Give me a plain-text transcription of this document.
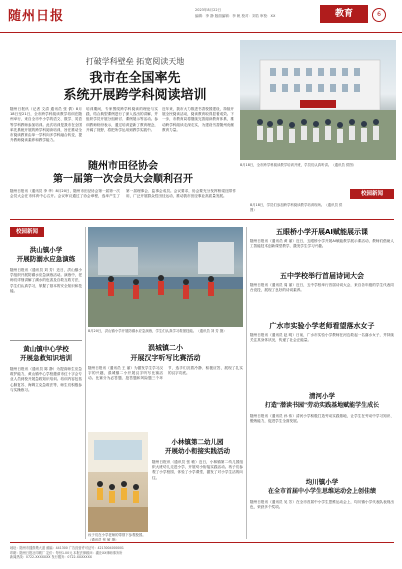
随州日报	2023年8月22日
编辑：李 静 版面编辑：李 帆 校对：刘若 审校：XX	教育	6
打破学科壁垒 拓宽阅读天地
我市在全国率先
系统开展跨学科阅读培训
随州日报讯（记者 文清 通讯员 张 倩）8月18日至21日，全市跨学科阅读教学培训在随州举行，来自全市中小学的语文、数学、英语等学科教师参加培训。此次培训是我市在全国率先系统开展的跨学科阅读培训，旨在推动全市阅读教育由单一学科向多学科融合转变，提升教师阅读素养和教学能力。
培训期间，专家围绕跨学科阅读的理论与实践，结合典型课例进行了深入浅出的讲解，并组织学员开展分组研讨、课例展示等活动。参训教师纷纷表示，通过培训更新了教育理念，开阔了视野，将把所学运用到教学实践中。
近年来，我市大力推进书香校园建设，持续开展全民阅读活动，阅读教育取得显著成效。下一步，市教育局将继续完善阅读教育体系，推动跨学科阅读走深走实，为建设书香随州贡献教育力量。
8月18日，全市跨学科阅读教学培训开班，学员们认真听讲。（通讯员 供图）
随州市田径协会
第一届第一次会员大会顺利召开
随州日报讯（通讯员 李 华）8月20日，随州市田径协会第一届第一次会员大会在市体育中心召开。会议审议通过了协会章程，选举产生了第一届理事会、监事会成员。会议要求，协会要充分发挥桥梁纽带作用，广泛开展群众性田径运动，推动我市田径事业高质量发展。	校园新闻
校园新闻
洪山镇小学
开展防溺水应急演练
随州日报讯（通讯员 刘 芳）近日，洪山镇小学组织开展防溺水应急演练活动。演练中，老师们详细讲解了溺水的危害及自救互救方法，学生们认真学习，掌握了基本的安全知识和技能。
黄山镇中心学校
开展急救知识培训
随州日报讯（通讯员 陈 静）为提高师生应急救护能力，黄山镇中心学校邀请市红十字会专业人员到校开展急救知识培训。培训内容包括心肺复苏、海姆立克急救法等，师生们积极参与实操练习。
8月20日，洪山镇小学开展防溺水应急演练，学生们认真学习救援技能。（通讯员 刘 芳 摄）
涢城镇二小
开展汉字听写比赛活动
随州日报讯（通讯员 王 丽）为激发学生学习汉字的兴趣，涢城镇二小开展汉字听写比赛活动。比赛分为必答题、抢答题和风险题三个环节，选手们沉着冷静、积极应答，展现了扎实的汉字功底。
孩子们在小学老师的带领下参观校园。（通讯员 张 敏 摄）
小林镇第二幼儿园
开展幼小衔接实践活动
随州日报讯（通讯员 张 敏）近日，小林镇第二幼儿园组织大班幼儿走进小学，开展幼小衔接实践活动。孩子们参观了小学校园，体验了小学课堂，激发了对小学生活的向往。
8月18日，学员们参加跨学科阅读教学培训现场。（通讯员 供图）
五眼桥小学开展AI赋能展示课
随州日报讯（通讯员 黄 丽）近日，五眼桥小学开展AI赋能教学展示课活动，教师们借助人工智能技术创新课堂教学，激发学生学习兴趣。
五中学校举行首届诗词大会
随州日报讯（通讯员 周 丽）近日，五中学校举行首届诗词大会，来自各年级的学生代表同台竞技，展现了良好的诗词素养。
广水市实验小学老师看望落水女子
随州日报讯（通讯员 赵 明）日前，广水市实验小学教师在河边救起一名落水女子，并持续关注其身体状况，传递了社会正能量。
清河小学
打造"潜读书园"劳动实践基地赋能学生成长
随州日报讯（通讯员 孙 伟）清河小学积极打造劳动实践基地，让学生在劳动中学习知识、锻炼能力，促进学生全面发展。
均川镇小学
在全市首届中小学生思维运动会上创佳绩
随州日报讯（通讯员 吴 芳）在全市首届中小学生思维运动会上，均川镇小学代表队表现出色，荣获多个奖项。
地址：随州市擂鼓墩大道 邮编：441300 广告经营许可证号：4213004000001
印刷：随州日报社印刷厂 定价：每份1.00元 本报法律顾问：湖北XX律师事务所
新闻热线：0722-XXXXXXX 发行服务：0722-XXXXXXX
